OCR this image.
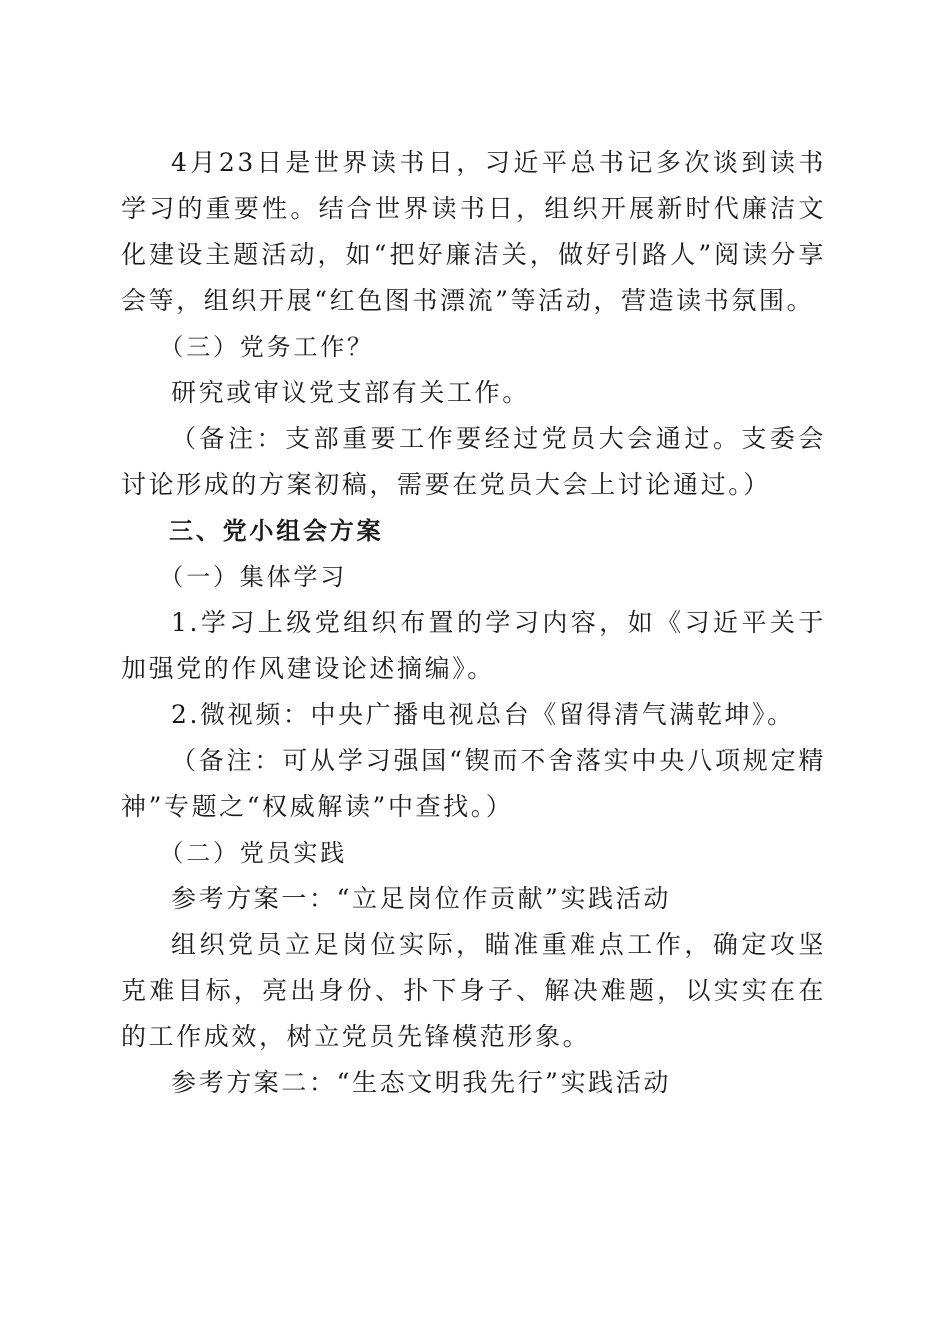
4月23日是世界读书日，习近平总书记多次谈到读书学习的重要性。结合世界读书日，组织开展新时代廉洁文化建设主题活动，如“把好廉洁关，做好引路人”阅读分享会等，组织开展“红色图书漂流”等活动，营造读书氛围。

（三）党务工作？

研究或审议党支部有关工作。

（备注：支部重要工作要经过党员大会通过。支委会讨论形成的方案初稿，需要在党员大会上讨论通过。）

三、党小组会方案

（一）集体学习

1.学习上级党组织布置的学习内容，如《习近平关于加强党的作风建设论述摘编》。

2.微视频：中央广播电视总台《留得清气满乾坤》。

（备注：可从学习强国“锲而不舍落实中央八项规定精神”专题之“权威解读”中查找。）

（二）党员实践

参考方案一：“立足岗位作贡献”实践活动

组织党员立足岗位实际，瞄准重难点工作，确定攻坚克难目标，亮出身份、扑下身子、解决难题，以实实在在的工作成效，树立党员先锋模范形象。

参考方案二：“生态文明我先行”实践活动
